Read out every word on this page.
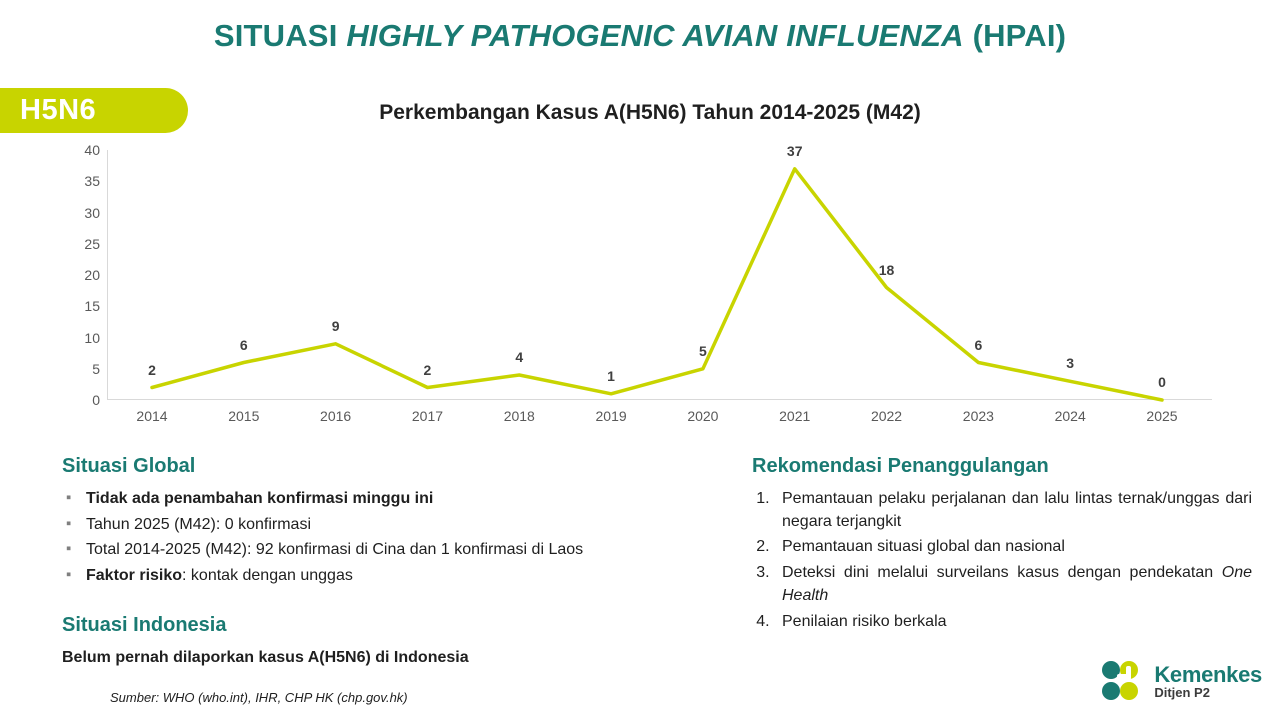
SITUASI HIGHLY PATHOGENIC AVIAN INFLUENZA (HPAI)
H5N6	Perkembangan Kasus A(H5N6) Tahun 2014-2025 (M42)
0
5
10
15
20
25
30
35
40
2
6
9
2
4
1
5
37
18
6
3
0
2014	2015	2016	2017	2018	2019	2020	2021	2022	2023	2024	2025
Situasi Global
▪ Tidak ada penambahan konfirmasi minggu ini
▪ Tahun 2025 (M42): 0 konfirmasi
▪ Total 2014-2025 (M42): 92 konfirmasi di Cina dan 1 konfirmasi di Laos
▪ Faktor risiko: kontak dengan unggas
Situasi Indonesia
Belum pernah dilaporkan kasus A(H5N6) di Indonesia
Rekomendasi Penanggulangan
1. Pemantauan pelaku perjalanan dan lalu lintas ternak/unggas dari negara terjangkit
2. Pemantauan situasi global dan nasional
3. Deteksi dini melalui surveilans kasus dengan pendekatan One Health
4. Penilaian risiko berkala
Sumber: WHO (who.int), IHR, CHP HK (chp.gov.hk)
Kemenkes
Ditjen P2
